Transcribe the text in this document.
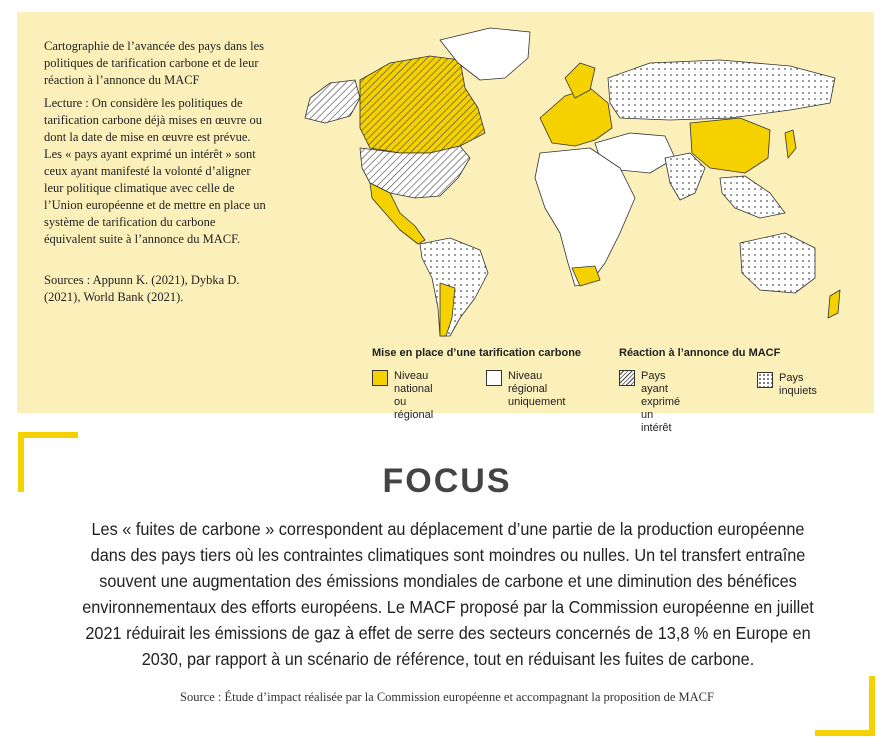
Cartographie de l’avancée des pays dans les politiques de tarification carbone et de leur réaction à l’annonce du MACF

Lecture : On considère les politiques de tarification carbone déjà mises en œuvre ou dont la date de mise en œuvre est prévue. Les « pays ayant exprimé un intérêt » sont ceux ayant manifesté la volonté d’aligner leur politique climatique avec celle de l’Union européenne et de mettre en place un système de tarification du carbone équivalent suite à l’annonce du MACF.

Sources : Appunn K. (2021), Dybka D. (2021), World Bank (2021).

Mise en place d’une tarification carbone	Réaction à l’annonce du MACF
Niveau national ou régional
Niveau régional uniquement
Pays ayant exprimé un intérêt
Pays inquiets
FOCUS
Les « fuites de carbone » correspondent au déplacement d’une partie de la production européenne dans des pays tiers où les contraintes climatiques sont moindres ou nulles. Un tel transfert entraîne souvent une augmentation des émissions mondiales de carbone et une diminution des bénéfices environnementaux des efforts européens. Le MACF proposé par la Commission européenne en juillet 2021 réduirait les émissions de gaz à effet de serre des secteurs concernés de 13,8 % en Europe en 2030, par rapport à un scénario de référence, tout en réduisant les fuites de carbone.
Source : Étude d’impact réalisée par la Commission européenne et accompagnant la proposition de MACF
